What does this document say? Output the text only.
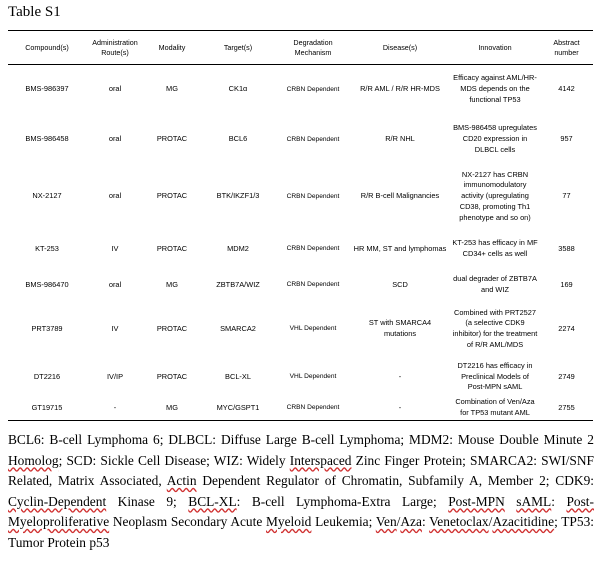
Table S1
Compound(s)	Administration Route(s)	Modality	Target(s)	Degradation Mechanism	Disease(s)	Innovation	Abstract number
BMS-986397	oral	MG	CK1α	CRBN Dependent	R/R AML / R/R HR-MDS	Efficacy against AML/HR-MDS depends on the functional TP53	4142
BMS-986458	oral	PROTAC	BCL6	CRBN Dependent	R/R NHL	BMS-986458 upregulates CD20 expression in DLBCL cells	957
NX-2127	oral	PROTAC	BTK/IKZF1/3	CRBN Dependent	R/R B-cell Malignancies	NX-2127 has CRBN immunomodulatory activity (upregulating CD38, promoting Th1 phenotype and so on)	77
KT-253	IV	PROTAC	MDM2	CRBN Dependent	HR MM, ST and lymphomas	KT-253 has efficacy in MF CD34+ cells as well	3588
BMS-986470	oral	MG	ZBTB7A/WIZ	CRBN Dependent	SCD	dual degrader of ZBTB7A and WIZ	169
PRT3789	IV	PROTAC	SMARCA2	VHL Dependent	ST with SMARCA4 mutations	Combined with PRT2527 (a selective CDK9 inhibitor) for the treatment of R/R AML/MDS	2274
DT2216	IV/IP	PROTAC	BCL-XL	VHL Dependent	-	DT2216 has efficacy in Preclinical Models of Post-MPN sAML	2749
GT19715	-	MG	MYC/GSPT1	CRBN Dependent	-	Combination of Ven/Aza for TP53 mutant AML	2755
BCL6: B-cell Lymphoma 6; DLBCL: Diffuse Large B-cell Lymphoma; MDM2: Mouse Double Minute 2 Homolog; SCD: Sickle Cell Disease; WIZ: Widely Interspaced Zinc Finger Protein; SMARCA2: SWI/SNF Related, Matrix Associated, Actin Dependent Regulator of Chromatin, Subfamily A, Member 2; CDK9: Cyclin-Dependent Kinase 9; BCL-XL: B-cell Lymphoma-Extra Large; Post-MPN sAML: Post-Myeloproliferative Neoplasm Secondary Acute Myeloid Leukemia; Ven/Aza: Venetoclax/Azacitidine; TP53: Tumor Protein p53
